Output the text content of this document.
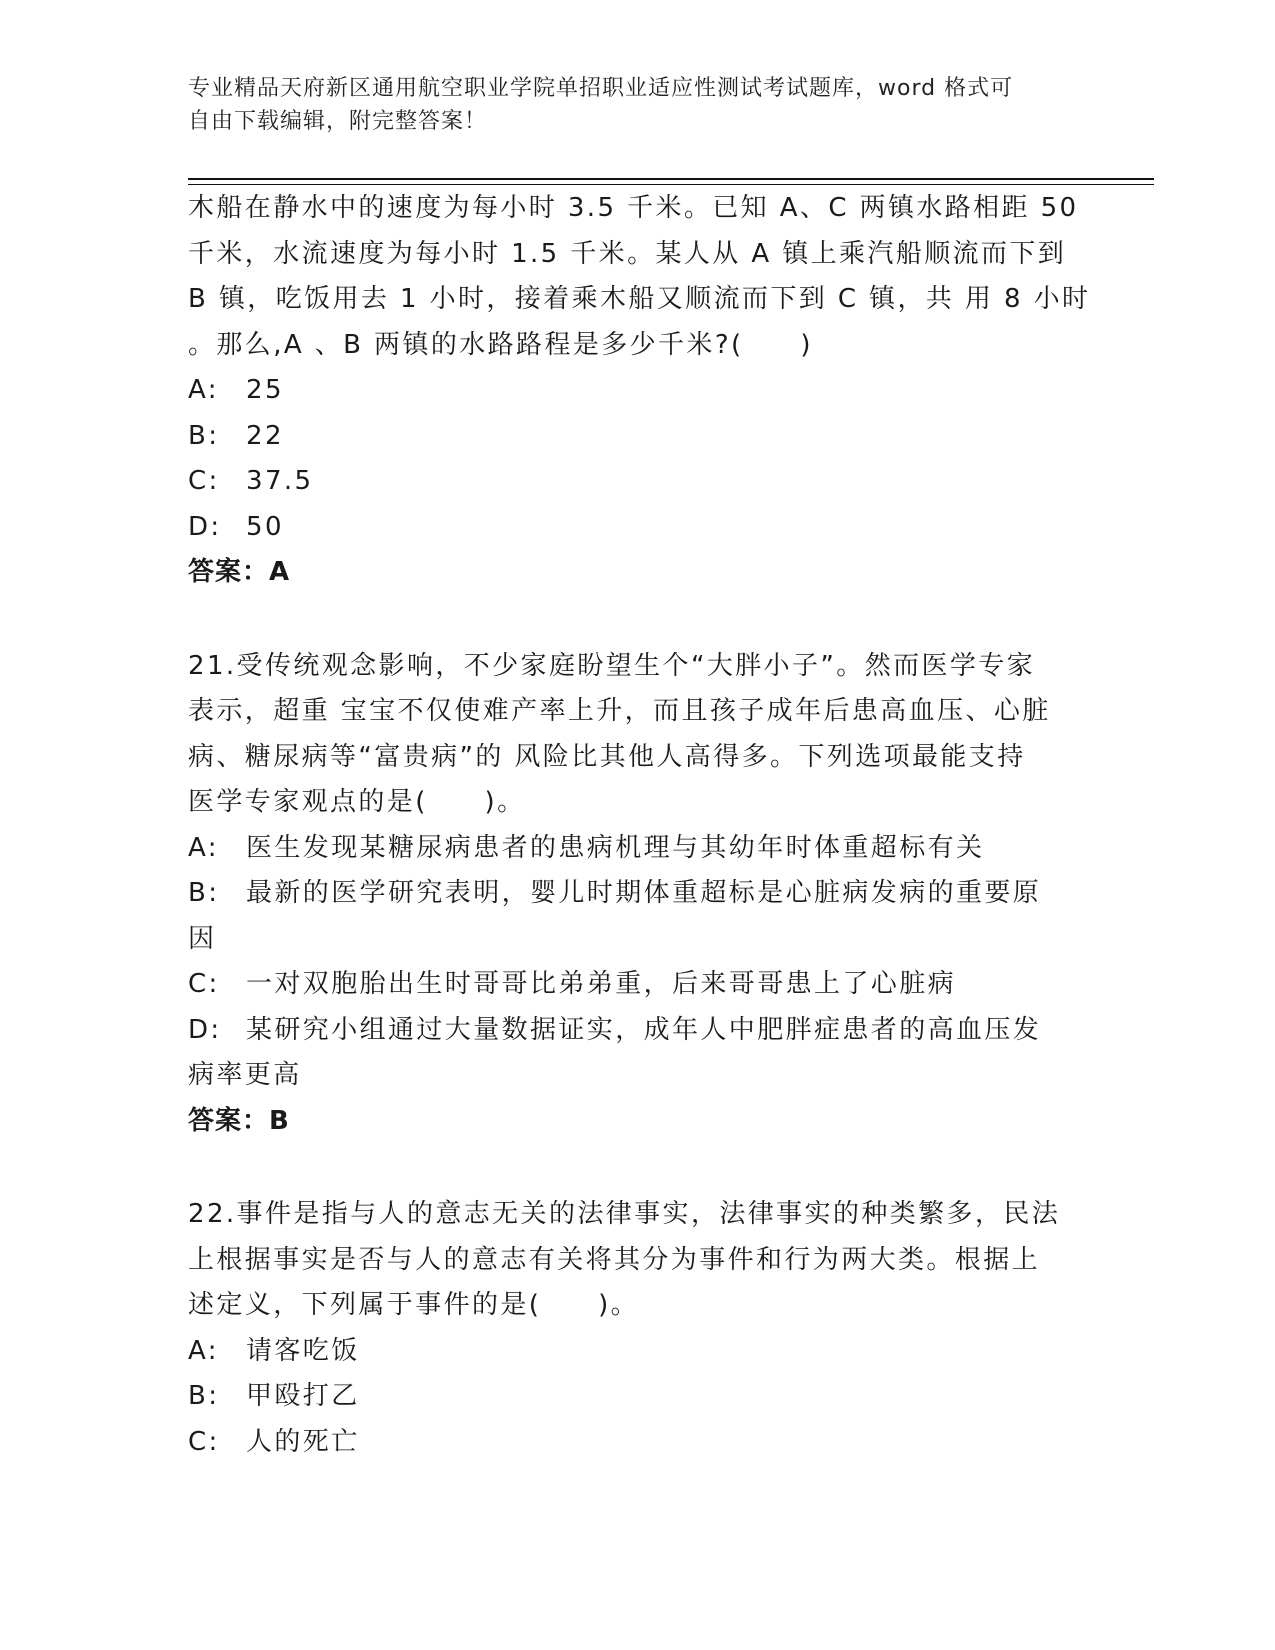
专业精品天府新区通用航空职业学院单招职业适应性测试考试题库，word 格式可
自由下载编辑，附完整答案！
木船在静水中的速度为每小时 3.5 千米。已知 A、C 两镇水路相距 50
千米，水流速度为每小时 1.5 千米。某人从 A 镇上乘汽船顺流而下到
B 镇，吃饭用去 1 小时，接着乘木船又顺流而下到 C 镇，共 用 8 小时
。那么,A 、B 两镇的水路路程是多少千米?(　　)
A:	25
B:	22
C:	37.5
D: 50
答案：A
21.受传统观念影响，不少家庭盼望生个“大胖小子”。然而医学专家
表示，超重 宝宝不仅使难产率上升，而且孩子成年后患高血压、心脏
病、糖尿病等“富贵病”的 风险比其他人高得多。下列选项最能支持
医学专家观点的是(　　)。
A:	医生发现某糖尿病患者的患病机理与其幼年时体重超标有关
B:	最新的医学研究表明，婴儿时期体重超标是心脏病发病的重要原
因
C:	一对双胞胎出生时哥哥比弟弟重，后来哥哥患上了心脏病
D: 某研究小组通过大量数据证实，成年人中肥胖症患者的高血压发
病率更高
答案：B
22.事件是指与人的意志无关的法律事实，法律事实的种类繁多，民法
上根据事实是否与人的意志有关将其分为事件和行为两大类。根据上
述定义，下列属于事件的是(　　)。
A:	请客吃饭
B:	甲殴打乙
C:	人的死亡
